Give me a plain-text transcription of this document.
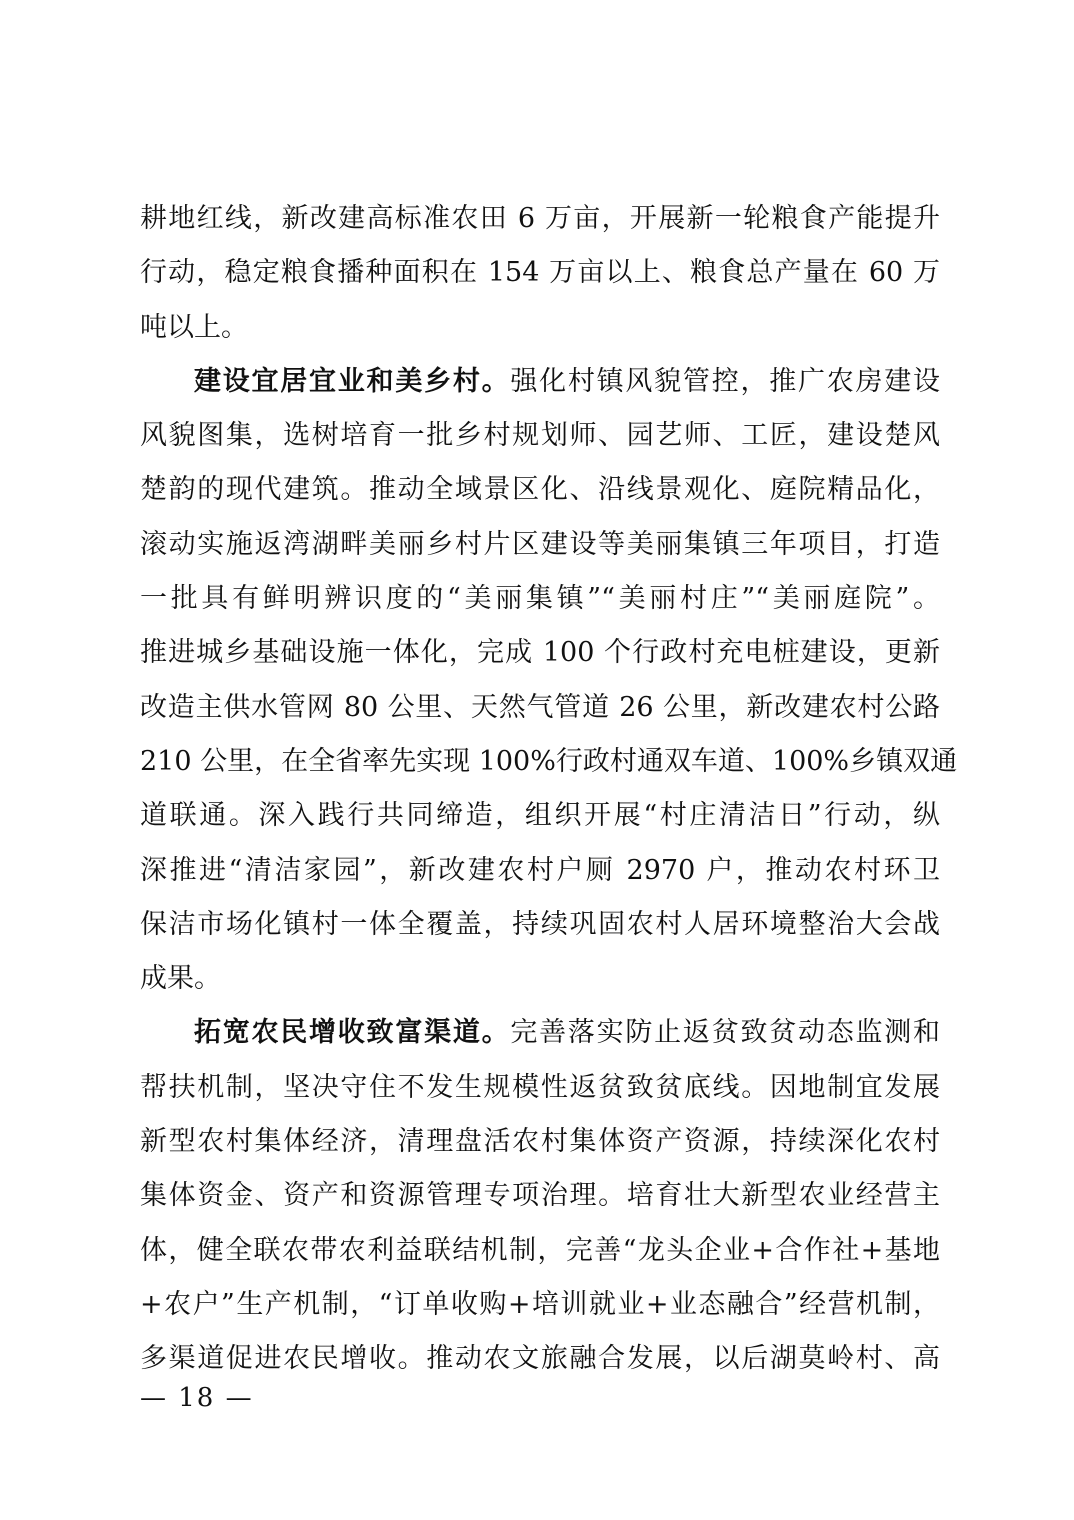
耕地红线，新改建高标准农田 6 万亩，开展新一轮粮食产能提升
行动，稳定粮食播种面积在 154 万亩以上、粮食总产量在 60 万
吨以上。
建设宜居宜业和美乡村。强化村镇风貌管控，推广农房建设
风貌图集，选树培育一批乡村规划师、园艺师、工匠，建设楚风
楚韵的现代建筑。推动全域景区化、沿线景观化、庭院精品化，
滚动实施返湾湖畔美丽乡村片区建设等美丽集镇三年项目，打造
一批具有鲜明辨识度的“美丽集镇”“美丽村庄”“美丽庭院”。
推进城乡基础设施一体化，完成 100 个行政村充电桩建设，更新
改造主供水管网 80 公里、天然气管道 26 公里，新改建农村公路
210 公里，在全省率先实现 100%行政村通双车道、100%乡镇双通
道联通。深入践行共同缔造，组织开展“村庄清洁日”行动，纵
深推进“清洁家园”，新改建农村户厕 2970 户，推动农村环卫
保洁市场化镇村一体全覆盖，持续巩固农村人居环境整治大会战
成果。
拓宽农民增收致富渠道。完善落实防止返贫致贫动态监测和
帮扶机制，坚决守住不发生规模性返贫致贫底线。因地制宜发展
新型农村集体经济，清理盘活农村集体资产资源，持续深化农村
集体资金、资产和资源管理专项治理。培育壮大新型农业经营主
体，健全联农带农利益联结机制，完善“龙头企业+合作社+基地
+农户”生产机制，“订单收购+培训就业+业态融合”经营机制，
多渠道促进农民增收。推动农文旅融合发展，以后湖莫岭村、高
— 18 —
